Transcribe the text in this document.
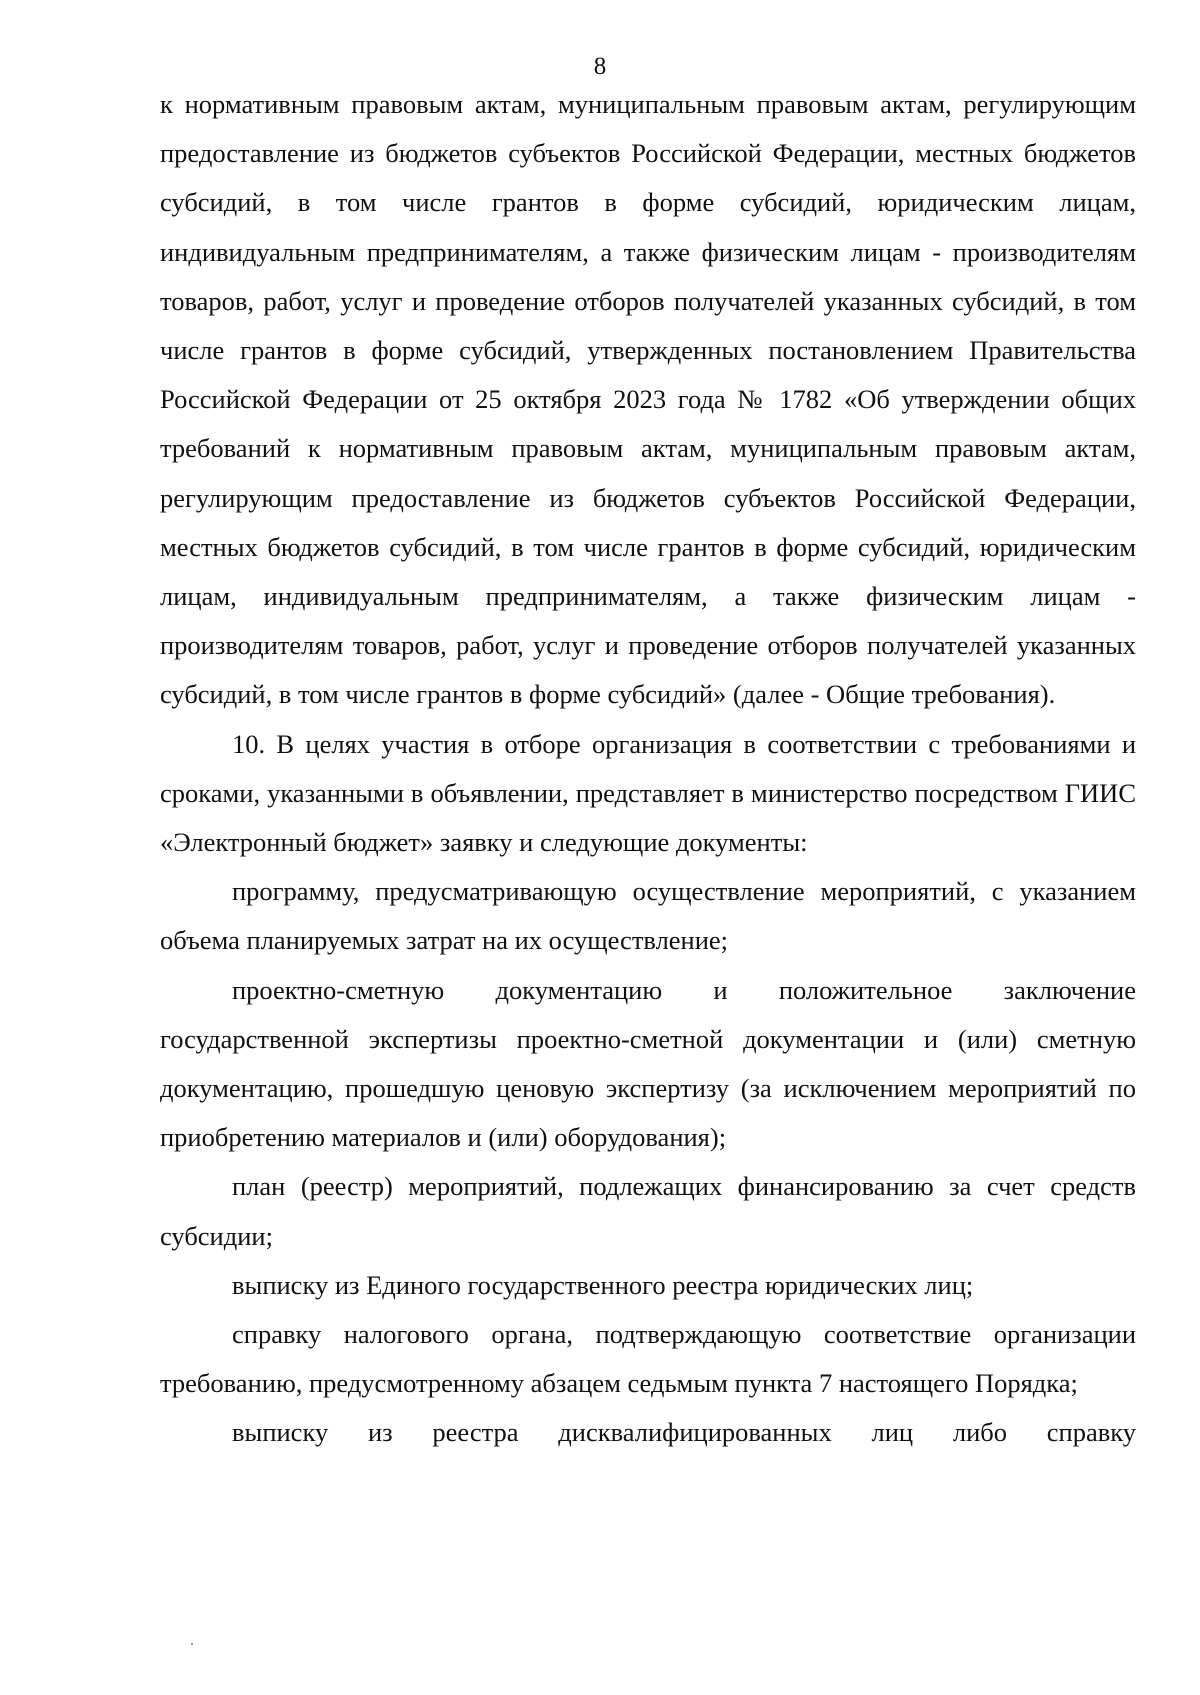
8

к нормативным правовым актам, муниципальным правовым актам, регулирующим предоставление из бюджетов субъектов Российской Федерации, местных бюджетов субсидий, в том числе грантов в форме субсидий, юридическим лицам, индивидуальным предпринимателям, а также физическим лицам - производителям товаров, работ, услуг и проведение отборов получателей указанных субсидий, в том числе грантов в форме субсидий, утвержденных постановлением Правительства Российской Федерации от 25 октября 2023 года № 1782 «Об утверждении общих требований к нормативным правовым актам, муниципальным правовым актам, регулирующим предоставление из бюджетов субъектов Российской Федерации, местных бюджетов субсидий, в том числе грантов в форме субсидий, юридическим лицам, индивидуальным предпринимателям, а также физическим лицам - производителям товаров, работ, услуг и проведение отборов получателей указанных субсидий, в том числе грантов в форме субсидий» (далее - Общие требования).

10. В целях участия в отборе организация в соответствии с требованиями и сроками, указанными в объявлении, представляет в министерство посредством ГИИС «Электронный бюджет» заявку и следующие документы:

программу, предусматривающую осуществление мероприятий, с указанием объема планируемых затрат на их осуществление;

проектно-сметную документацию и положительное заключение государственной экспертизы проектно-сметной документации и (или) сметную документацию, прошедшую ценовую экспертизу (за исключением мероприятий по приобретению материалов и (или) оборудования);

план (реестр) мероприятий, подлежащих финансированию за счет средств субсидии;

выписку из Единого государственного реестра юридических лиц;

справку налогового органа, подтверждающую соответствие организации требованию, предусмотренному абзацем седьмым пункта 7 настоящего Порядка;

выписку из реестра дисквалифицированных лиц либо справку
